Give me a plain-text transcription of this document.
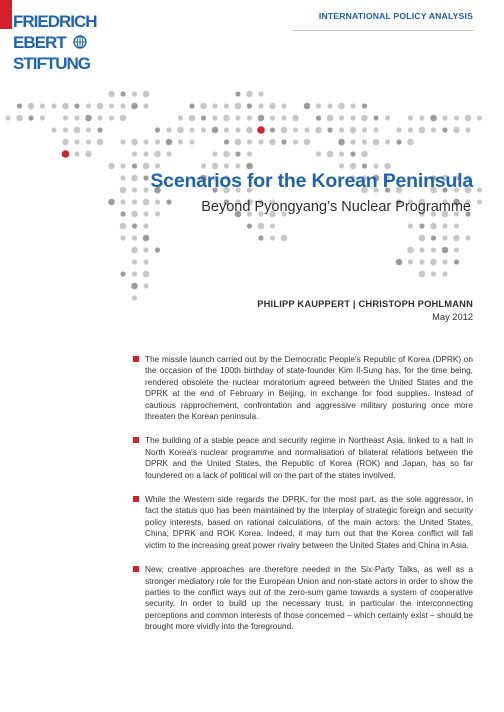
FRIEDRICH
EBERT
STIFTUNG
INTERNATIONAL POLICY ANALYSIS
Scenarios for the Korean Peninsula
Beyond Pyongyang’s Nuclear Programme
PHILIPP KAUPPERT | CHRISTOPH POHLMANN
May 2012
The missile launch carried out by the Democratic People's Republic of Korea (DPRK) on the occasion of the 100th birthday of state-founder Kim Il-Sung has, for the time being, rendered obsolete the nuclear moratorium agreed between the United States and the DPRK at the end of February in Beijing, in exchange for food supplies. Instead of cautious rapprochement, confrontation and aggressive military posturing once more threaten the Korean peninsula.
The building of a stable peace and security regime in Northeast Asia, linked to a halt in North Korea's nuclear programme and normalisation of bilateral relations between the DPRK and the United States, the Republic of Korea (ROK) and Japan, has so far foundered on a lack of political will on the part of the states involved.
While the Western side regards the DPRK, for the most part, as the sole aggressor, in fact the status quo has been maintained by the interplay of strategic foreign and security policy interests, based on rational calculations, of the main actors: the United States, China, DPRK and ROK Korea. Indeed, it may turn out that the Korea conflict will fall victim to the increasing great power rivalry between the United States and China in Asia.
New, creative approaches are therefore needed in the Six-Party Talks, as well as a stronger mediatory role for the European Union and non-state actors in order to show the parties to the conflict ways out of the zero-sum game towards a system of cooperative security. In order to build up the necessary trust, in particular the interconnecting perceptions and common interests of those concerned – which certainly exist – should be brought more vividly into the foreground.
